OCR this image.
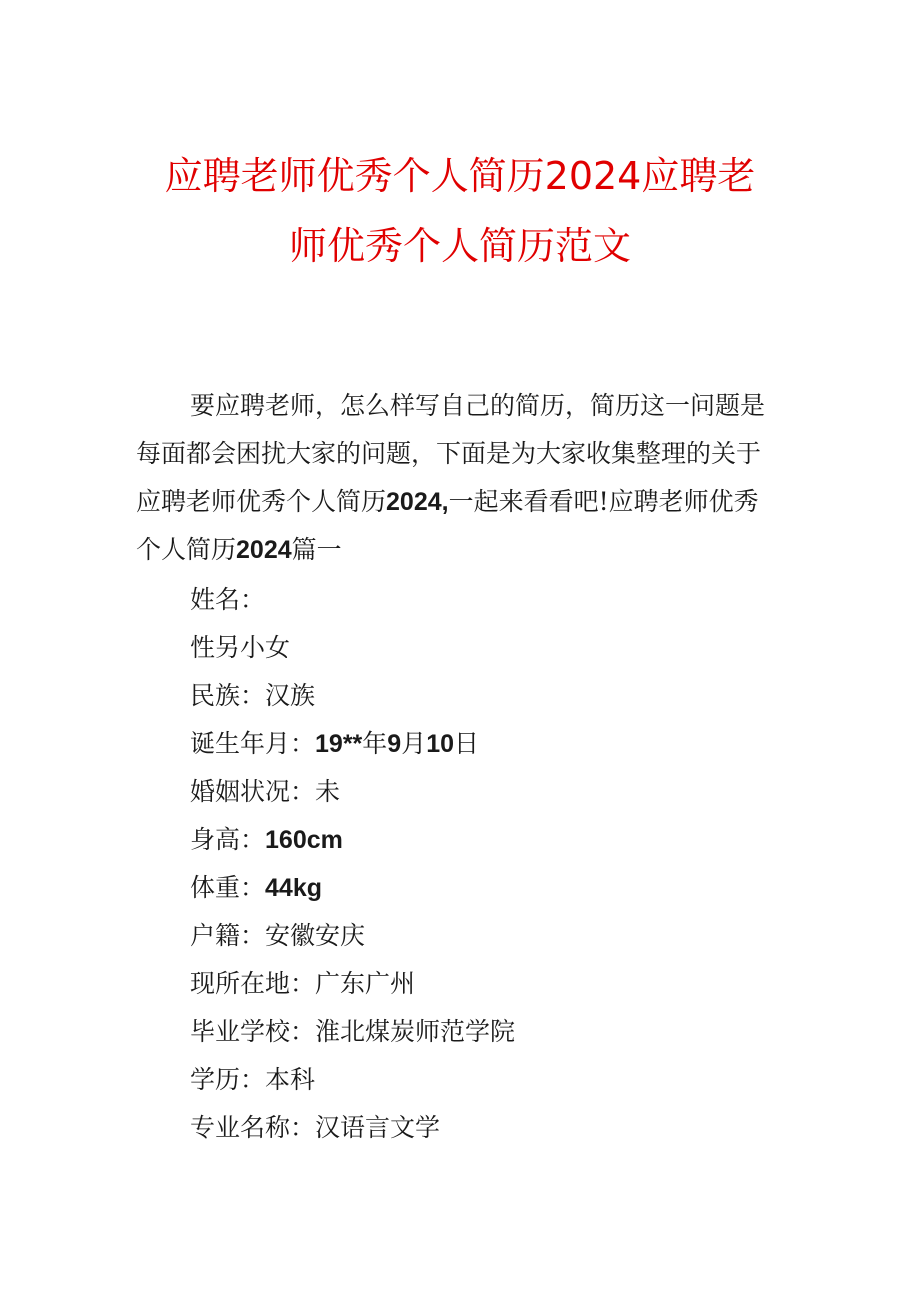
应聘老师优秀个人简历2024应聘老
师优秀个人简历范文
要应聘老师，怎么样写自己的简历，简历这一问题是
每面都会困扰大家的问题，下面是为大家收集整理的关于
应聘老师优秀个人简历2024,一起来看看吧!应聘老师优秀
个人简历2024篇一
姓名：
性另小女
民族：汉族
诞生年月：19**年9月10日
婚姻状况：未
身高：160cm
体重：44kg
户籍：安徽安庆
现所在地：广东广州
毕业学校：淮北煤炭师范学院
学历：本科
专业名称：汉语言文学
